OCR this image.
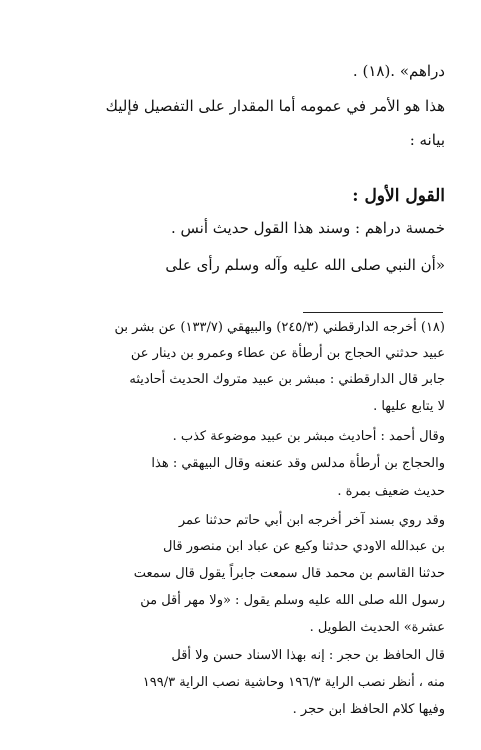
دراهم» .(١٨) .
هذا هو الأمر في عمومه أما المقدار على التفصيل فإليك
بيانه :
القول الأول :
خمسة دراهم : وسند هذا القول حديث أنس .
«أن النبي صلى الله عليه وآله وسلم رأى على
(١٨) أخرجه الدارقطني (٢٤٥/٣) والبيهقي (١٣٣/٧) عن بشر بن
عبيد حدثني الحجاج بن أرطأة عن عطاء وعمرو بن دينار عن
جابر قال الدارقطني : مبشر بن عبيد متروك الحديث أحاديثه
لا يتابع عليها .
وقال أحمد : أحاديث مبشر بن عبيد موضوعة كذب .
والحجاج بن أرطأة مدلس وقد عنعنه وقال البيهقي : هذا
حديث ضعيف بمرة .
وقد روي بسند آخر أخرجه ابن أبي حاتم حدثنا عمر
بن عبدالله الاودي حدثنا وكيع عن عباد ابن منصور قال
حدثنا القاسم بن محمد قال سمعت جابراً يقول قال سمعت
رسول الله صلى الله عليه وسلم يقول : «ولا مهر أقل من
عشرة» الحديث الطويل .
قال الحافظ بن حجر : إنه بهذا الاسناد حسن ولا أقل
منه ، أنظر نصب الراية ١٩٦/٣ وحاشية نصب الراية ١٩٩/٣
وفيها كلام الحافظ ابن حجر .
